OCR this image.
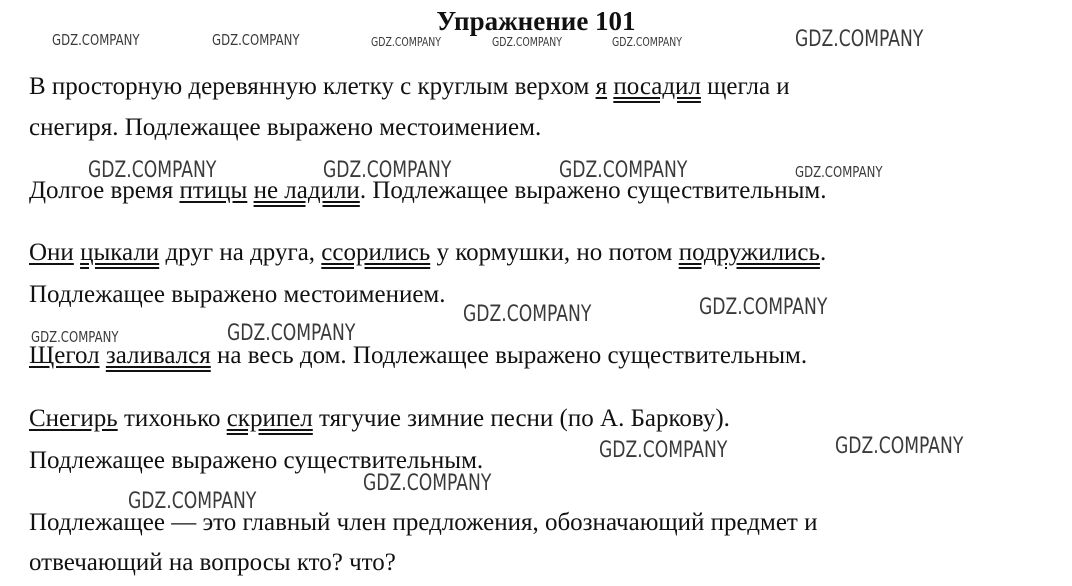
Упражнение 101
В просторную деревянную клетку с круглым верхом я посадил щегла и
снегиря. Подлежащее выражено местоимением.
Долгое время птицы не ладили. Подлежащее выражено существительным.
Они цыкали друг на друга, ссорились у кормушки, но потом подружились.
Подлежащее выражено местоимением.
Щегол заливался на весь дом. Подлежащее выражено существительным.
Снегирь тихонько скрипел тягучие зимние песни (по А. Баркову).
Подлежащее выражено существительным.
Подлежащее — это главный член предложения, обозначающий предмет и
отвечающий на вопросы кто? что?
GDZ.COMPANY	GDZ.COMPANY	GDZ.COMPANY	GDZ.COMPANY	GDZ.COMPANY	GDZ.COMPANY
GDZ.COMPANY	GDZ.COMPANY	GDZ.COMPANY	GDZ.COMPANY
GDZ.COMPANY	GDZ.COMPANY
GDZ.COMPANY	GDZ.COMPANY
GDZ.COMPANY	GDZ.COMPANY
GDZ.COMPANY
GDZ.COMPANY
